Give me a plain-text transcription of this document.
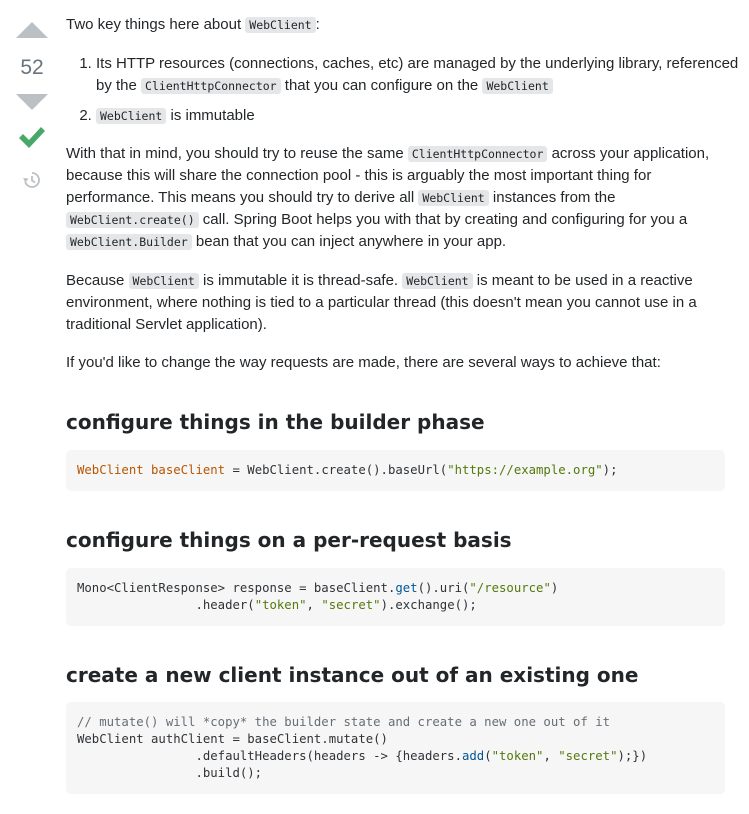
52

Two key things here about WebClient :

1. Its HTTP resources (connections, caches, etc) are managed by the underlying library, referenced by the ClientHttpConnector that you can configure on the WebClient
2. WebClient is immutable

With that in mind, you should try to reuse the same ClientHttpConnector across your application, because this will share the connection pool - this is arguably the most important thing for performance. This means you should try to derive all WebClient instances from the WebClient.create() call. Spring Boot helps you with that by creating and configuring for you a WebClient.Builder bean that you can inject anywhere in your app.

Because WebClient is immutable it is thread-safe. WebClient is meant to be used in a reactive environment, where nothing is tied to a particular thread (this doesn't mean you cannot use in a traditional Servlet application).

If you'd like to change the way requests are made, there are several ways to achieve that:

configure things in the builder phase
WebClient baseClient = WebClient.create().baseUrl("https://example.org");
configure things on a per-request basis
Mono<ClientResponse> response = baseClient.get().uri("/resource")
.header("token", "secret").exchange();
create a new client instance out of an existing one
// mutate() will *copy* the builder state and create a new one out of it
WebClient authClient = baseClient.mutate()
.defaultHeaders(headers -> {headers.add("token", "secret");})
.build();
